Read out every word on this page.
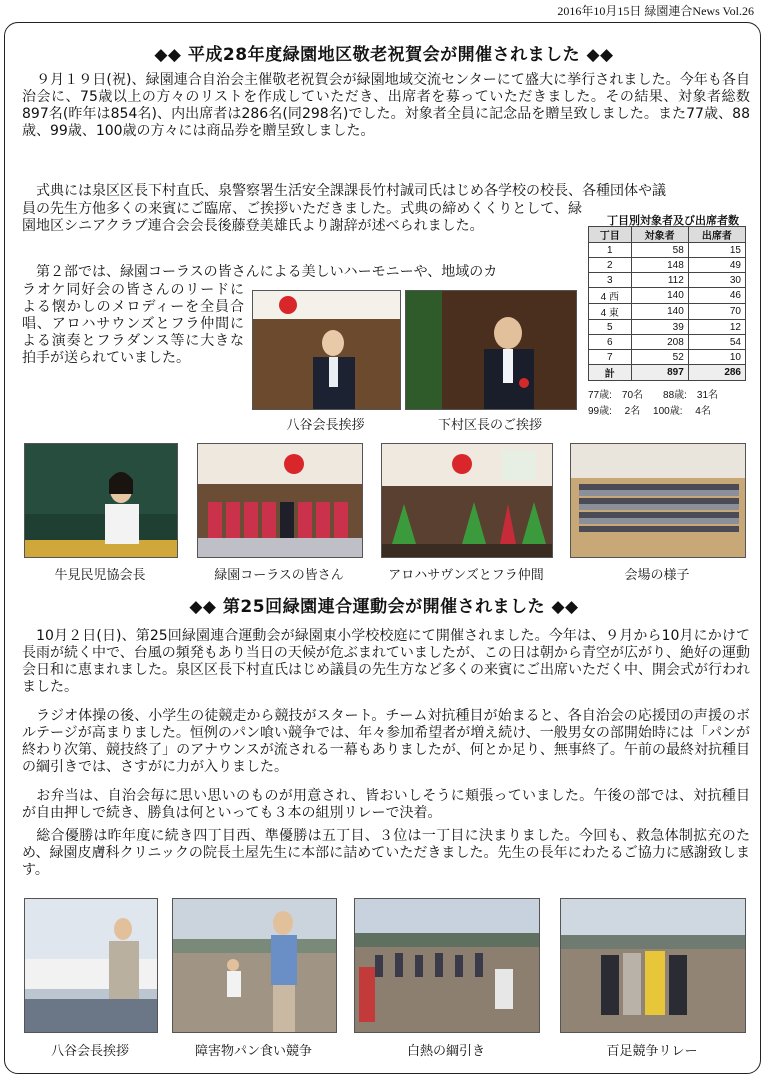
2016年10月15日 緑園連合News Vol.26
◆◆ 平成28年度緑園地区敬老祝賀会が開催されました ◆◆

　９月１９日(祝)、緑園連合自治会主催敬老祝賀会が緑園地域交流センターにて盛大に挙行されました。今年も各自治会に、75歳以上の方々のリストを作成していただき、出席者を募っていただきました。その結果、対象者総数897名(昨年は854名)、内出席者は286名(同298名)でした。対象者全員に記念品を贈呈致しました。また77歳、88歳、99歳、100歳の方々には商品券を贈呈致しました。

　式典には泉区区長下村直氏、泉警察署生活安全課課長竹村誠司氏はじめ各学校の校長、各種団体や議

員の先生方他多くの来賓にご臨席、ご挨拶いただきました。式典の締めくくりとして、緑園地区シニアクラブ連合会会長後藤登美雄氏より謝辞が述べられました。

　第２部では、緑園コーラスの皆さんによる美しいハーモニーや、地域のカ

ラオケ同好会の皆さんのリードによる懐かしのメロディーを全員合唱、アロハサウンズとフラ仲間による演奏とフラダンス等に大きな拍手が送られていました。

丁目別対象者及び出席者数
丁目	対象者	出席者
1	58	15
2	148	49
3	112	30
4 西	140	46
4 東	140	70
5	39	12
6	208	54
7	52	10
計	897	286
77歳:　70名　　88歳:　31名
99歳:　 2名　 100歳:　 4名
八谷会長挨拶	下村区長のご挨拶
牛見民児協会長	緑園コーラスの皆さん	アロハサヴンズとフラ仲間	会場の様子
◆◆ 第25回緑園連合運動会が開催されました ◆◆

　10月２日(日)、第25回緑園連合運動会が緑園東小学校校庭にて開催されました。今年は、９月から10月にかけて長雨が続く中で、台風の頻発もあり当日の天候が危ぶまれていましたが、この日は朝から青空が広がり、絶好の運動会日和に恵まれました。泉区区長下村直氏はじめ議員の先生方など多くの来賓にご出席いただく中、開会式が行われました。

　ラジオ体操の後、小学生の徒競走から競技がスタート。チーム対抗種目が始まると、各自治会の応援団の声援のボルテージが高まりました。恒例のパン喰い競争では、年々参加希望者が増え続け、一般男女の部開始時には「パンが終わり次第、競技終了」のアナウンスが流される一幕もありましたが、何とか足り、無事終了。午前の最終対抗種目の綱引きでは、さすがに力が入りました。

　お弁当は、自治会毎に思い思いのものが用意され、皆おいしそうに頬張っていました。午後の部では、対抗種目が自由押しで続き、勝負は何といっても３本の組別リレーで決着。

　総合優勝は昨年度に続き四丁目西、準優勝は五丁目、３位は一丁目に決まりました。今回も、救急体制拡充のため、緑園皮膚科クリニックの院長土屋先生に本部に詰めていただきました。先生の長年にわたるご協力に感謝致します。

八谷会長挨拶	障害物パン食い競争	白熱の綱引き	百足競争リレー
